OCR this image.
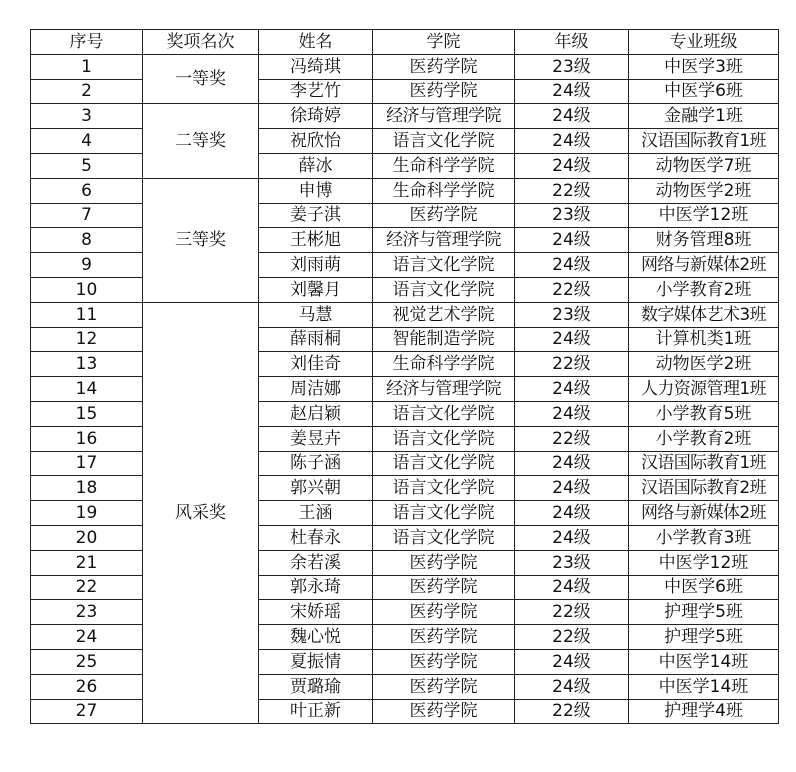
序号	奖项名次	姓名	学院	年级	专业班级
1	一等奖	冯绮琪	医药学院	23级	中医学3班
2		李艺竹	医药学院	24级	中医学6班
3	二等奖	徐琦婷	经济与管理学院	24级	金融学1班
4		祝欣怡	语言文化学院	24级	汉语国际教育1班
5		薛冰	生命科学学院	24级	动物医学7班
6	三等奖	申博	生命科学学院	22级	动物医学2班
7		姜子淇	医药学院	23级	中医学12班
8		王彬旭	经济与管理学院	24级	财务管理8班
9		刘雨萌	语言文化学院	24级	网络与新媒体2班
10		刘馨月	语言文化学院	22级	小学教育2班
11	风采奖	马慧	视觉艺术学院	23级	数字媒体艺术3班
12		薛雨桐	智能制造学院	24级	计算机类1班
13		刘佳奇	生命科学学院	22级	动物医学2班
14		周洁娜	经济与管理学院	24级	人力资源管理1班
15		赵启颖	语言文化学院	24级	小学教育5班
16		姜昱卉	语言文化学院	22级	小学教育2班
17		陈子涵	语言文化学院	24级	汉语国际教育1班
18		郭兴朝	语言文化学院	24级	汉语国际教育2班
19		王涵	语言文化学院	24级	网络与新媒体2班
20		杜春永	语言文化学院	24级	小学教育3班
21		余若溪	医药学院	23级	中医学12班
22		郭永琦	医药学院	24级	中医学6班
23		宋娇瑶	医药学院	22级	护理学5班
24		魏心悦	医药学院	22级	护理学5班
25		夏振情	医药学院	24级	中医学14班
26		贾璐瑜	医药学院	24级	中医学14班
27		叶正新	医药学院	22级	护理学4班
